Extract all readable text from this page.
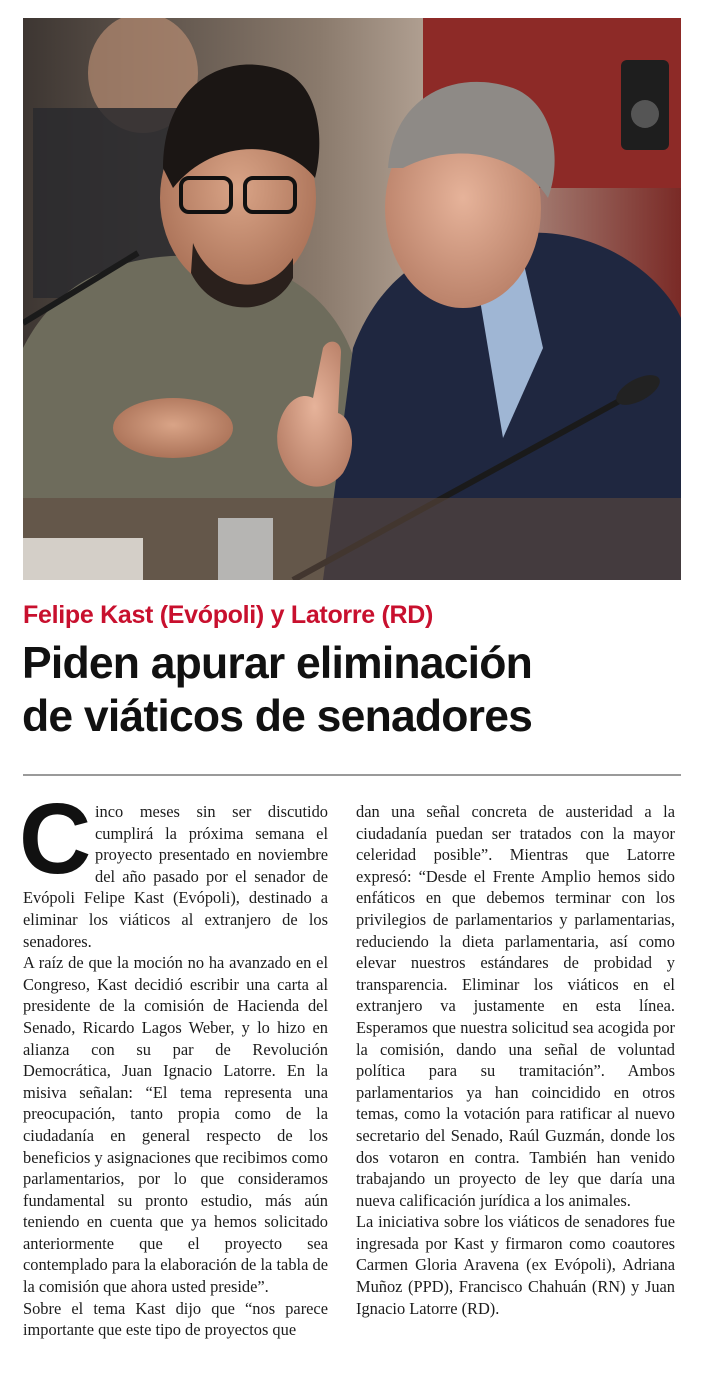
Felipe Kast (Evópoli) y Latorre (RD)
Piden apurar eliminación
de viáticos de senadores

Cinco meses sin ser discutido cumplirá la próxima semana el proyecto presentado en noviembre del año pasado por el senador de Evópoli Felipe Kast (Evópoli), destinado a eliminar los viáticos al extranjero de los senadores.

A raíz de que la moción no ha avanzado en el Congreso, Kast decidió escribir una carta al presidente de la comisión de Hacienda del Senado, Ricardo Lagos Weber, y lo hizo en alianza con su par de Revolución Democrática, Juan Ignacio Latorre. En la misiva señalan: “El tema representa una preocupación, tanto propia como de la ciudadanía en general respecto de los beneficios y asignaciones que recibimos como parlamentarios, por lo que consideramos fundamental su pronto estudio, más aún teniendo en cuenta que ya hemos solicitado anteriormente que el proyecto sea contemplado para la elaboración de la tabla de la comisión que ahora usted preside”.

Sobre el tema Kast dijo que “nos parece importante que este tipo de proyectos que

dan una señal concreta de austeridad a la ciudadanía puedan ser tratados con la mayor celeridad posible”. Mientras que Latorre expresó: “Desde el Frente Amplio hemos sido enfáticos en que debemos terminar con los privilegios de parlamentarios y parlamentarias, reduciendo la dieta parlamentaria, así como elevar nuestros estándares de probidad y transparencia. Eliminar los viáticos en el extranjero va justamente en esta línea. Esperamos que nuestra solicitud sea acogida por la comisión, dando una señal de voluntad política para su tramitación”. Ambos parlamentarios ya han coincidido en otros temas, como la votación para ratificar al nuevo secretario del Senado, Raúl Guzmán, donde los dos votaron en contra. También han venido trabajando un proyecto de ley que daría una nueva calificación jurídica a los animales.

La iniciativa sobre los viáticos de senadores fue ingresada por Kast y firmaron como coautores Carmen Gloria Aravena (ex Evópoli), Adriana Muñoz (PPD), Francisco Chahuán (RN) y Juan Ignacio Latorre (RD).
